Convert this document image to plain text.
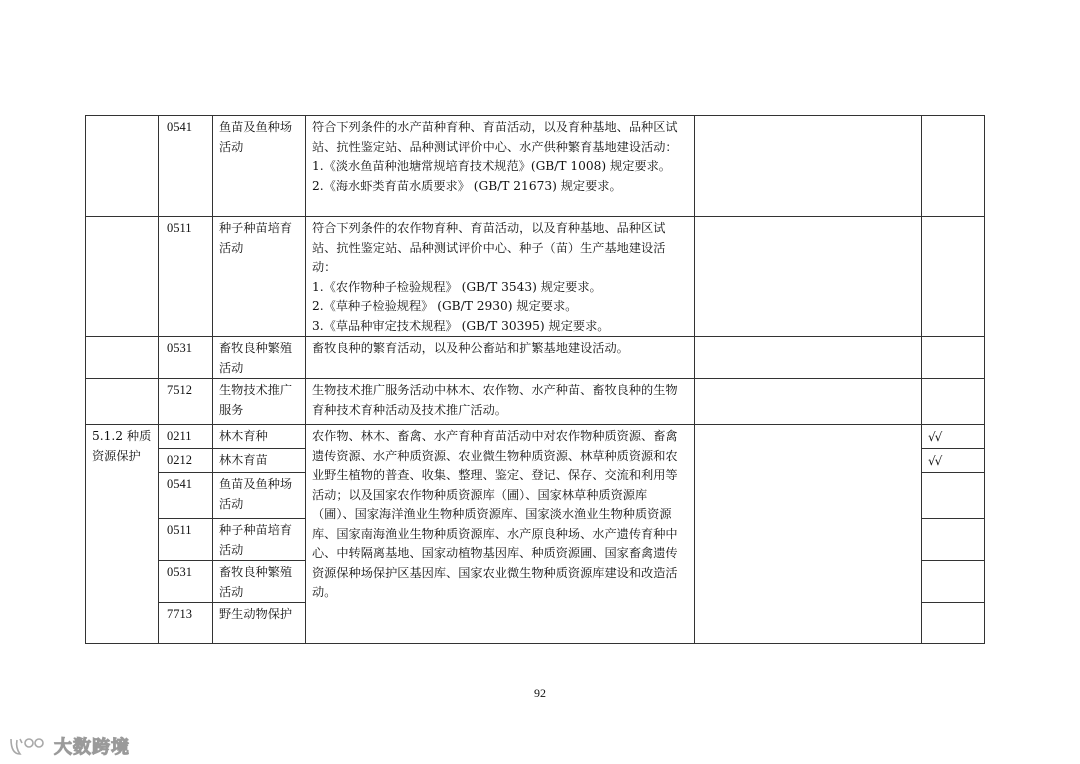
	0541	鱼苗及鱼种场活动	符合下列条件的水产苗种育种、育苗活动，以及育种基地、品种区试站、抗性鉴定站、品种测试评价中心、水产供种繁育基地建设活动：
1.《淡水鱼苗种池塘常规培育技术规范》(GB/T 1008) 规定要求。
2.《海水虾类育苗水质要求》 (GB/T 21673) 规定要求。		

	0511	种子种苗培育活动	符合下列条件的农作物育种、育苗活动，以及育种基地、品种区试站、抗性鉴定站、品种测试评价中心、种子（苗）生产基地建设活动：
1.《农作物种子检验规程》 (GB/T 3543) 规定要求。
2.《草种子检验规程》 (GB/T 2930) 规定要求。
3.《草品种审定技术规程》 (GB/T 30395) 规定要求。		

	0531	畜牧良种繁殖活动	畜牧良种的繁育活动，以及种公畜站和扩繁基地建设活动。		

	7512	生物技术推广服务	生物技术推广服务活动中林木、农作物、水产种苗、畜牧良种的生物育种技术育种活动及技术推广活动。		

5.1.2 种质资源保护	0211	林木育种	农作物、林木、畜禽、水产育种育苗活动中对农作物种质资源、畜禽遗传资源、水产种质资源、农业微生物种质资源、林草种质资源和农业野生植物的普查、收集、整理、鉴定、登记、保存、交流和利用等活动；以及国家农作物种质资源库（圃）、国家林草种质资源库（圃）、国家海洋渔业生物种质资源库、国家淡水渔业生物种质资源库、国家南海渔业生物种质资源库、水产原良种场、水产遗传育种中心、中转隔离基地、国家动植物基因库、种质资源圃、国家畜禽遗传资源保种场保护区基因库、国家农业微生物种质资源库建设和改造活动。		√√
	0212	林木育苗			√√
	0541	鱼苗及鱼种场活动			
	0511	种子种苗培育活动			
	0531	畜牧良种繁殖活动			
	7713	野生动物保护			
92
大数跨境
